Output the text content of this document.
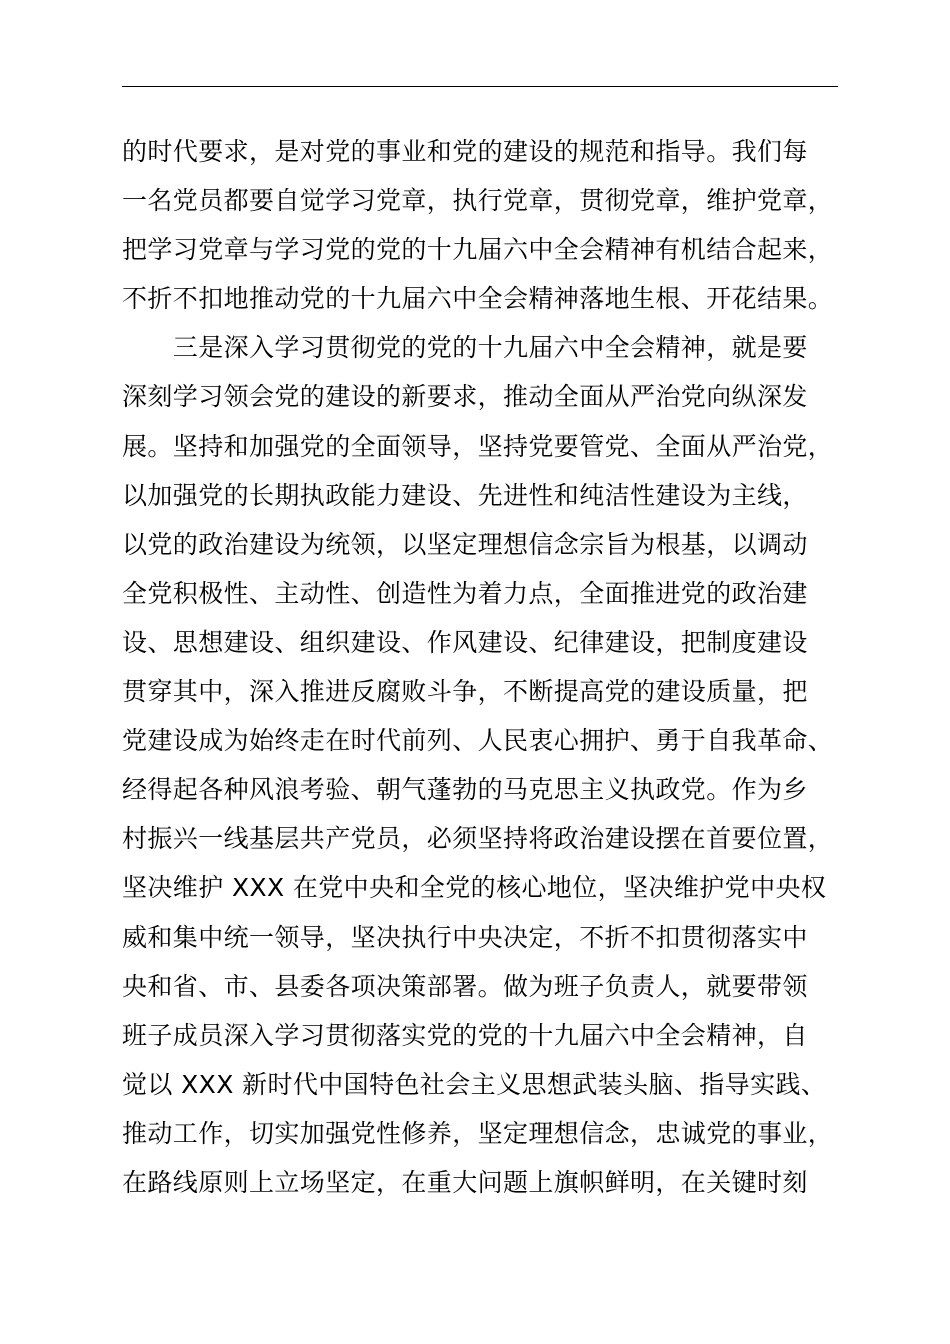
的时代要求，是对党的事业和党的建设的规范和指导。我们每
一名党员都要自觉学习党章，执行党章，贯彻党章，维护党章，
把学习党章与学习党的党的十九届六中全会精神有机结合起来，
不折不扣地推动党的十九届六中全会精神落地生根、开花结果。
　　三是深入学习贯彻党的党的十九届六中全会精神，就是要
深刻学习领会党的建设的新要求，推动全面从严治党向纵深发
展。坚持和加强党的全面领导，坚持党要管党、全面从严治党，
以加强党的长期执政能力建设、先进性和纯洁性建设为主线，
以党的政治建设为统领，以坚定理想信念宗旨为根基，以调动
全党积极性、主动性、创造性为着力点，全面推进党的政治建
设、思想建设、组织建设、作风建设、纪律建设，把制度建设
贯穿其中，深入推进反腐败斗争，不断提高党的建设质量，把
党建设成为始终走在时代前列、人民衷心拥护、勇于自我革命、
经得起各种风浪考验、朝气蓬勃的马克思主义执政党。作为乡
村振兴一线基层共产党员，必须坚持将政治建设摆在首要位置，
坚决维护 XXX 在党中央和全党的核心地位，坚决维护党中央权
威和集中统一领导，坚决执行中央决定，不折不扣贯彻落实中
央和省、市、县委各项决策部署。做为班子负责人，就要带领
班子成员深入学习贯彻落实党的党的十九届六中全会精神，自
觉以 XXX 新时代中国特色社会主义思想武装头脑、指导实践、
推动工作，切实加强党性修养，坚定理想信念，忠诚党的事业，
在路线原则上立场坚定，在重大问题上旗帜鲜明，在关键时刻
